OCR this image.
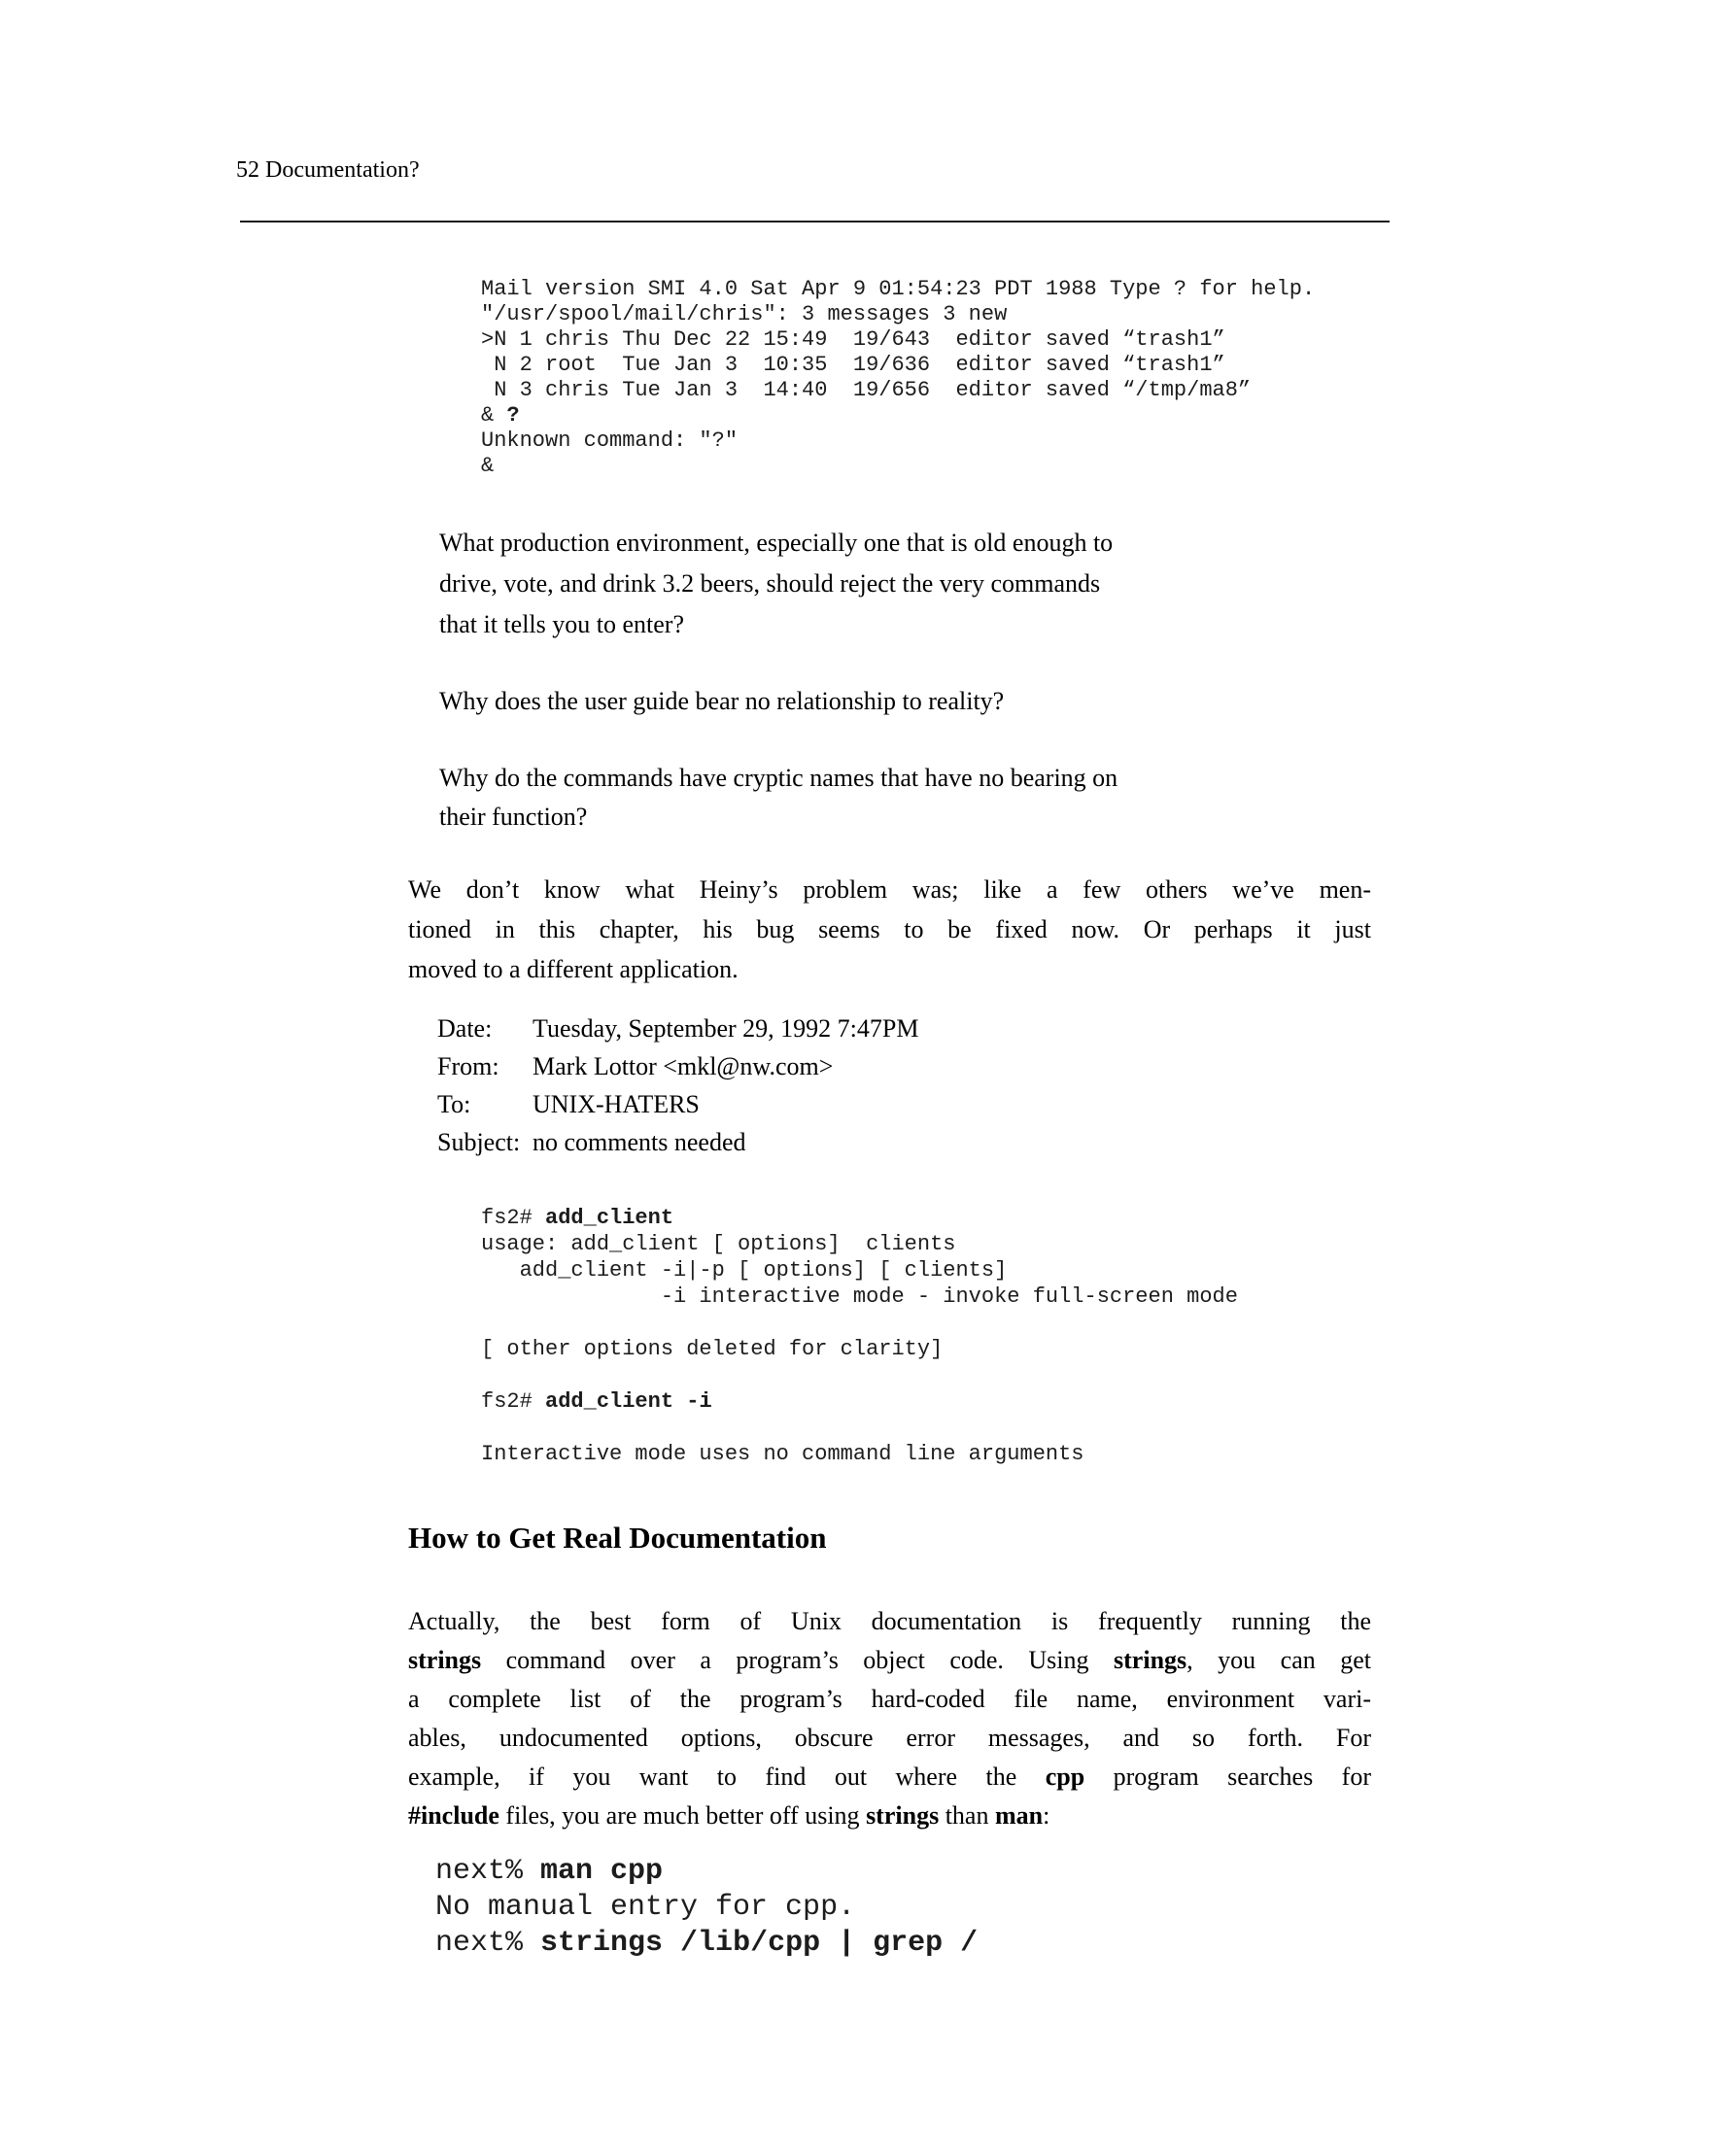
52 Documentation?
Mail version SMI 4.0 Sat Apr 9 01:54:23 PDT 1988 Type ? for help.
"/usr/spool/mail/chris": 3 messages 3 new
>N 1 chris Thu Dec 22 15:49  19/643  editor saved “trash1”
N 2 root  Tue Jan 3  10:35  19/636  editor saved “trash1”
N 3 chris Tue Jan 3  14:40  19/656  editor saved “/tmp/ma8”
& ?
Unknown command: "?"
&
What production environment, especially one that is old enough to
drive, vote, and drink 3.2 beers, should reject the very commands
that it tells you to enter?
Why does the user guide bear no relationship to reality?
Why do the commands have cryptic names that have no bearing on
their function?
We don’t know what Heiny’s problem was; like a few others we’ve men-
tioned in this chapter, his bug seems to be fixed now. Or perhaps it just
moved to a different application.
Date:	Tuesday, September 29, 1992 7:47PM
From:	Mark Lottor <mkl@nw.com>
To:	UNIX-HATERS
Subject: no comments needed
fs2# add_client
usage: add_client [ options]  clients
add_client -i|-p [ options] [ clients]
-i interactive mode - invoke full-screen mode

[ other options deleted for clarity]

fs2# add_client -i

Interactive mode uses no command line arguments
How to Get Real Documentation
Actually, the best form of Unix documentation is frequently running the
strings command over a program’s object code. Using strings, you can get
a complete list of the program’s hard-coded file name, environment vari-
ables, undocumented options, obscure error messages, and so forth. For
example, if you want to find out where the cpp program searches for
#include files, you are much better off using strings than man:
next% man cpp
No manual entry for cpp.
next% strings /lib/cpp | grep /
